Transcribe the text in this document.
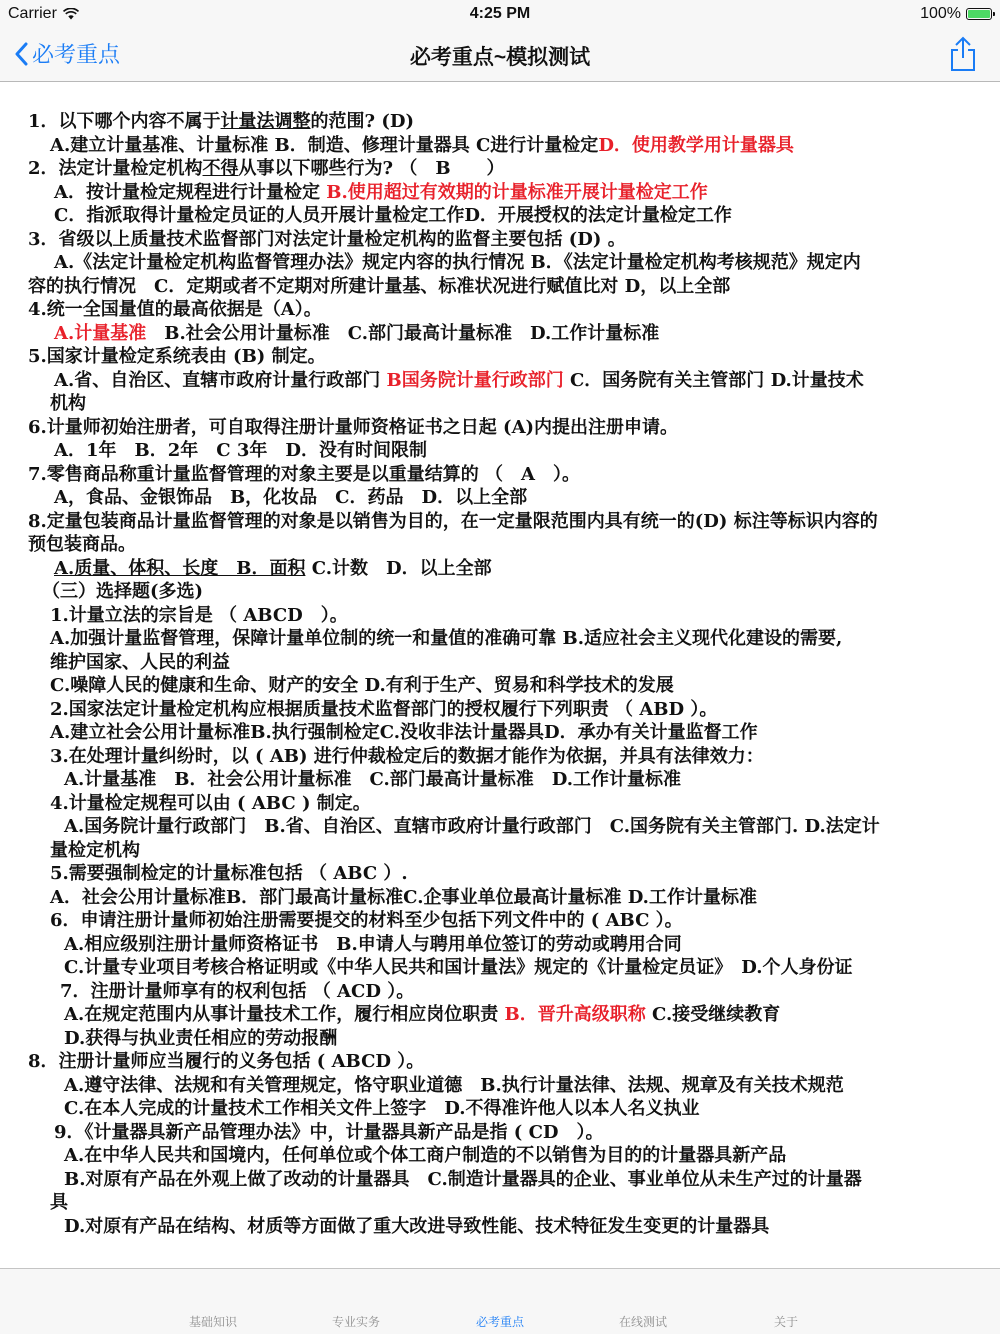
Carrier	4:25 PM	100%
必考重点	必考重点~模拟测试
1．以下哪个内容不属于计量法调整的范围? (D)
A.建立计量基准、计量标准 B．制造、修理计量器具 C进行计量检定D．使用教学用计量器具
2．法定计量检定机构不得从事以下哪些行为? （　B　　）
A．按计量检定规程进行计量检定 B.使用超过有效期的计量标准开展计量检定工作
C．指派取得计量检定员证的人员开展计量检定工作D．开展授权的法定计量检定工作
3．省级以上质量技术监督部门对法定计量检定机构的监督主要包括 (D) 。
A.《法定计量检定机构监督管理办法》规定内容的执行情况 B．《法定计量检定机构考核规范》规定内
容的执行情况　C．定期或者不定期对所建计量基、标准状况进行赋值比对 D，以上全部
4.统一全国量值的最高依据是（A）。
A.计量基准　B.社会公用计量标准　C.部门最高计量标准　D.工作计量标准
5.国家计量检定系统表由 (B) 制定。
A.省、自治区、直辖市政府计量行政部门 B国务院计量行政部门 C．国务院有关主管部门 D.计量技术
机构
6.计量师初始注册者，可自取得注册计量师资格证书之日起 (A)内提出注册申请。
A．1年　B．2年　C 3年　D．没有时间限制
7.零售商品称重计量监督管理的对象主要是以重量结算的 （　A　）。
A，食品、金银饰品　B，化妆品　C．药品　D．以上全部
8.定量包装商品计量监督管理的对象是以销售为目的，在一定量限范围内具有统一的(D) 标注等标识内容的
预包装商品。
A.质量、体积、长度　B．面积 C.计数　D．以上全部
（三）选择题(多选)
1.计量立法的宗旨是 （ ABCD　）。
A.加强计量监督管理，保障计量单位制的统一和量值的准确可靠 B.适应社会主义现代化建设的需要,
维护国家、人民的利益
C.噪障人民的健康和生命、财产的安全 D.有利于生产、贸易和科学技术的发展
2.国家法定计量检定机构应根据质量技术监督部门的授权履行下列职责 （ ABD ）。
A.建立社会公用计量标准B.执行强制检定C.没收非法计量器具D．承办有关计量监督工作
3.在处理计量纠纷时，以 ( AB) 进行仲裁检定后的数据才能作为依据，并具有法律效力：
A.计量基准　B．社会公用计量标准　C.部门最高计量标准　D.工作计量标准
4.计量检定规程可以由 ( ABC ) 制定。
A.国务院计量行政部门　B.省、自治区、直辖市政府计量行政部门　C.国务院有关主管部门. D.法定计
量检定机构
5.需要强制检定的计量标准包括 （ ABC ）.
A．社会公用计量标准B．部门最高计量标准C.企事业单位最高计量标准 D.工作计量标准
6．申请注册计量师初始注册需要提交的材料至少包括下列文件中的 ( ABC ）。
A.相应级别注册计量师资格证书　B.申请人与聘用单位签订的劳动或聘用合同
C.计量专业项目考核合格证明或《中华人民共和国计量法》规定的《计量检定员证》　D.个人身份证
7．注册计量师享有的权利包括 （ ACD ）。
A.在规定范围内从事计量技术工作，履行相应岗位职责 B．晋升高级职称 C.接受继续教育
D.获得与执业责任相应的劳动报酬
8．注册计量师应当履行的义务包括 ( ABCD ）。
A.遵守法律、法规和有关管理规定，恪守职业道德　B.执行计量法律、法规、规章及有关技术规范
C.在本人完成的计量技术工作相关文件上签字　D.不得准许他人以本人名义执业
9．《计量器具新产品管理办法》中，计量器具新产品是指 ( CD　）。
A.在中华人民共和国境内，任何单位或个体工商户制造的不以销售为目的的计量器具新产品
B.对原有产品在外观上做了改动的计量器具　C.制造计量器具的企业、事业单位从未生产过的计量器
具
D.对原有产品在结构、材质等方面做了重大改进导致性能、技术特征发生变更的计量器具
基础知识	专业实务	必考重点	在线测试	关于
